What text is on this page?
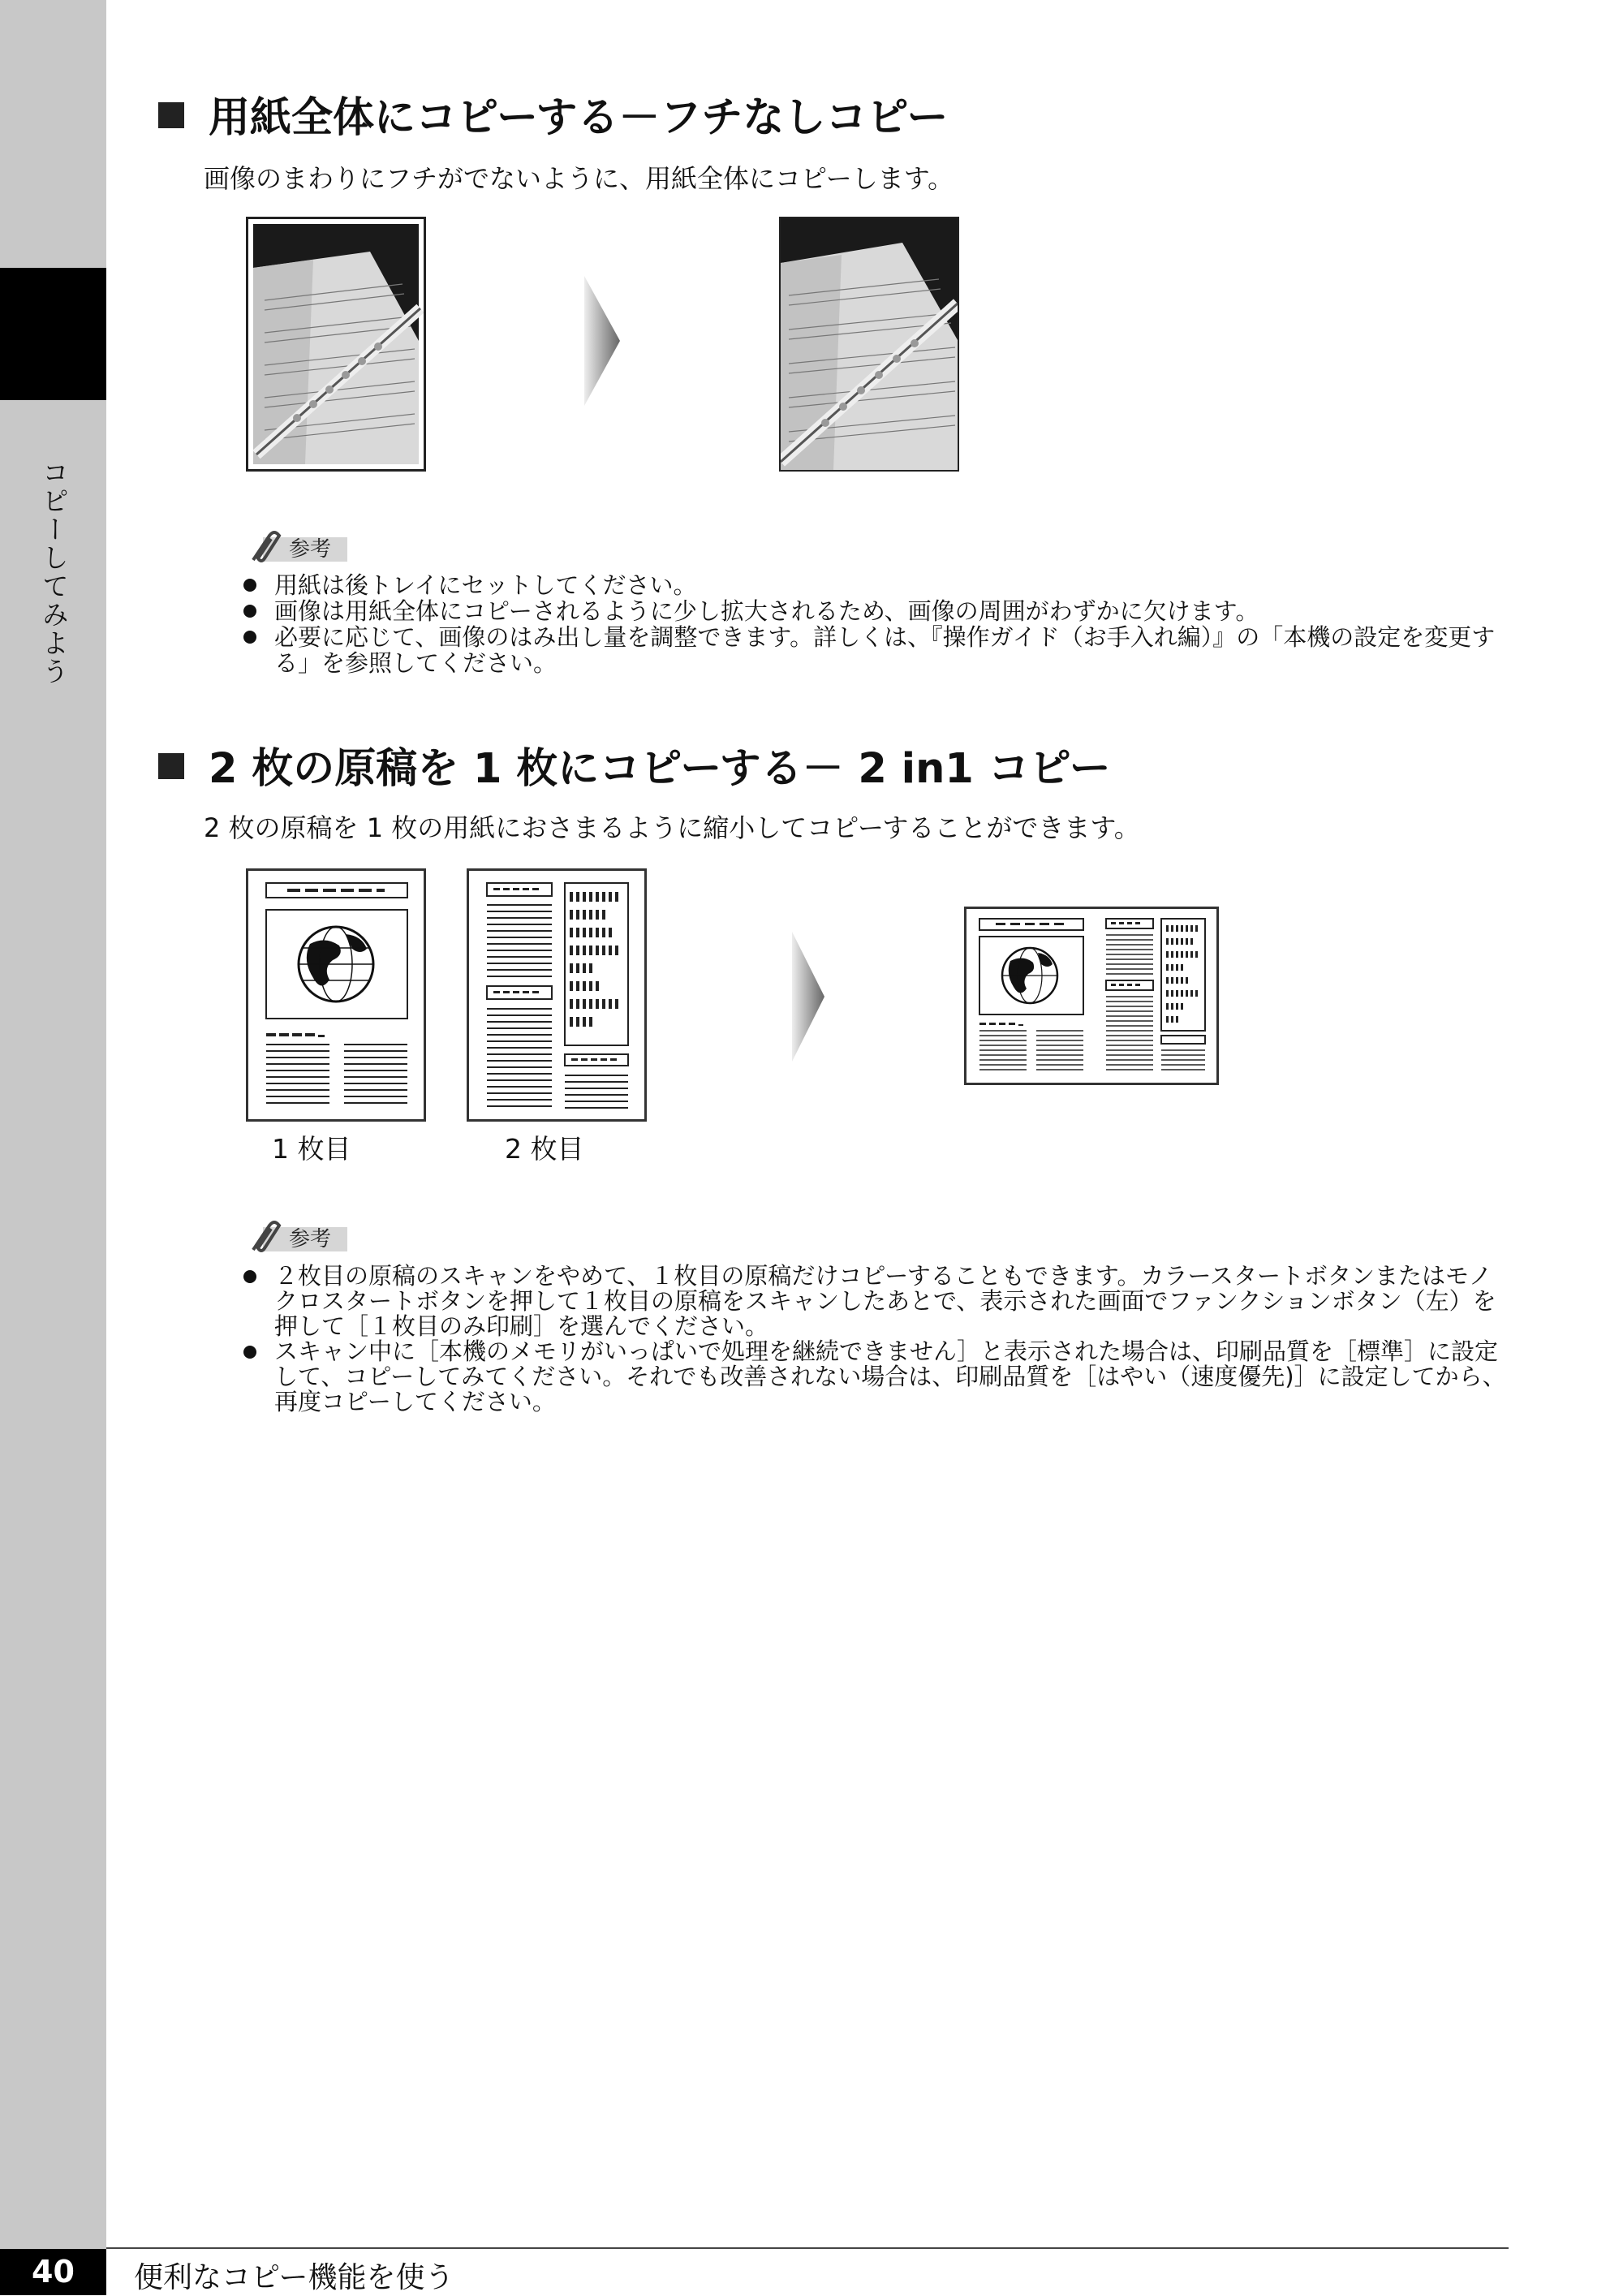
コピーしてみよう
用紙全体にコピーする－フチなしコピー
画像のまわりにフチがでないように、用紙全体にコピーします。
参考
用紙は後トレイにセットしてください。
画像は用紙全体にコピーされるように少し拡大されるため、画像の周囲がわずかに欠けます。
必要に応じて、画像のはみ出し量を調整できます。詳しくは、『操作ガイド（お手入れ編）』の「本機の設定を変更する」を参照してください。
2 枚の原稿を 1 枚にコピーする－ 2 in1 コピー
2 枚の原稿を 1 枚の用紙におさまるように縮小してコピーすることができます。
1 枚目	2 枚目
参考
２枚目の原稿のスキャンをやめて、１枚目の原稿だけコピーすることもできます。カラースタートボタンまたはモノクロスタートボタンを押して１枚目の原稿をスキャンしたあとで、表示された画面でファンクションボタン（左）を押して［１枚目のみ印刷］を選んでください。
スキャン中に［本機のメモリがいっぱいで処理を継続できません］と表示された場合は、印刷品質を［標準］に設定して、コピーしてみてください。それでも改善されない場合は、印刷品質を［はやい（速度優先)］に設定してから、再度コピーしてください。
40	便利なコピー機能を使う
